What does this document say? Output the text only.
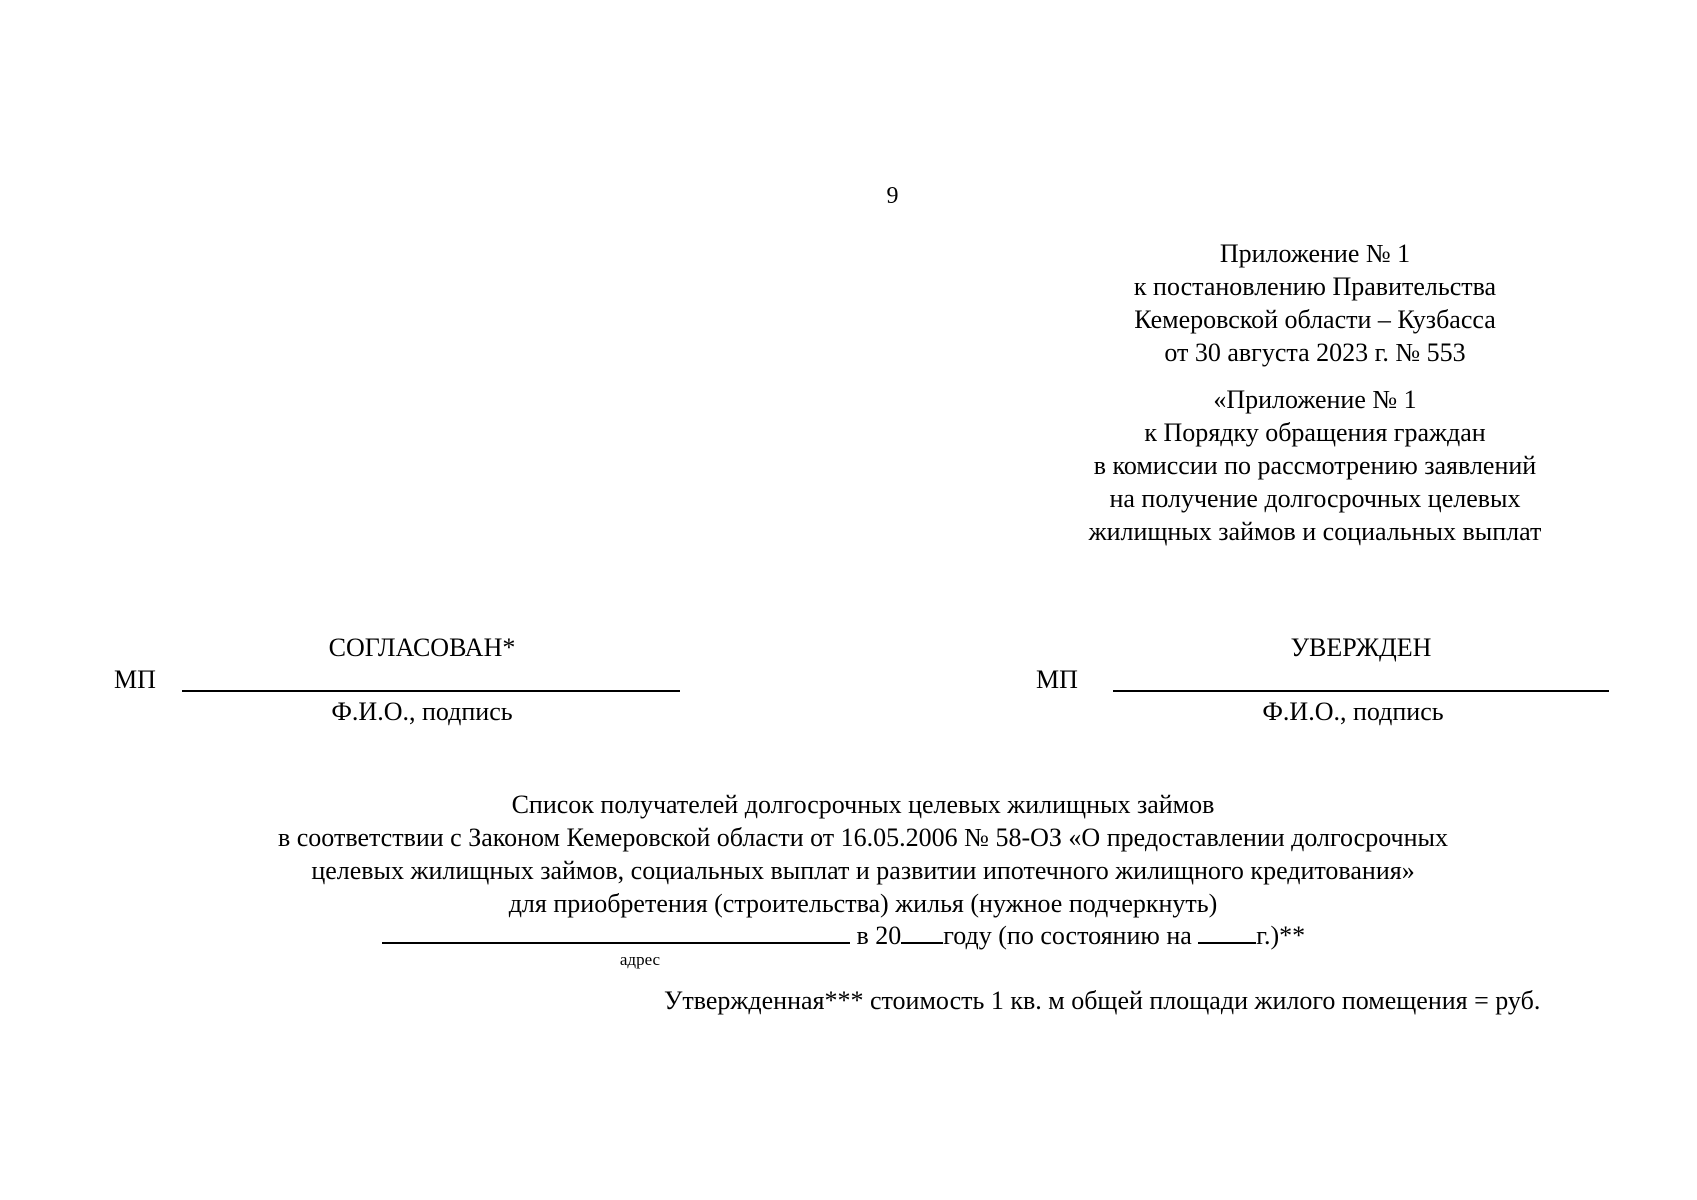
9
Приложение № 1
к постановлению Правительства
Кемеровской области – Кузбасса
от 30 августа 2023 г. № 553
«Приложение № 1
к Порядку обращения граждан
в комиссии по рассмотрению заявлений
на получение долгосрочных целевых
жилищных займов и социальных выплат
СОГЛАСОВАН*
МП
Ф.И.О., подпись
УВЕРЖДЕН
МП
Ф.И.О., подпись
Список получателей долгосрочных целевых жилищных займов
в соответствии с Законом Кемеровской области от 16.05.2006 № 58-ОЗ «О предоставлении долгосрочных
целевых жилищных займов, социальных выплат и развитии ипотечного жилищного кредитования»
для приобретения (строительства) жилья (нужное подчеркнуть)
в 20 году (по состоянию на г.)**
адрес
Утвержденная*** стоимость 1 кв. м общей площади жилого помещения = руб.
